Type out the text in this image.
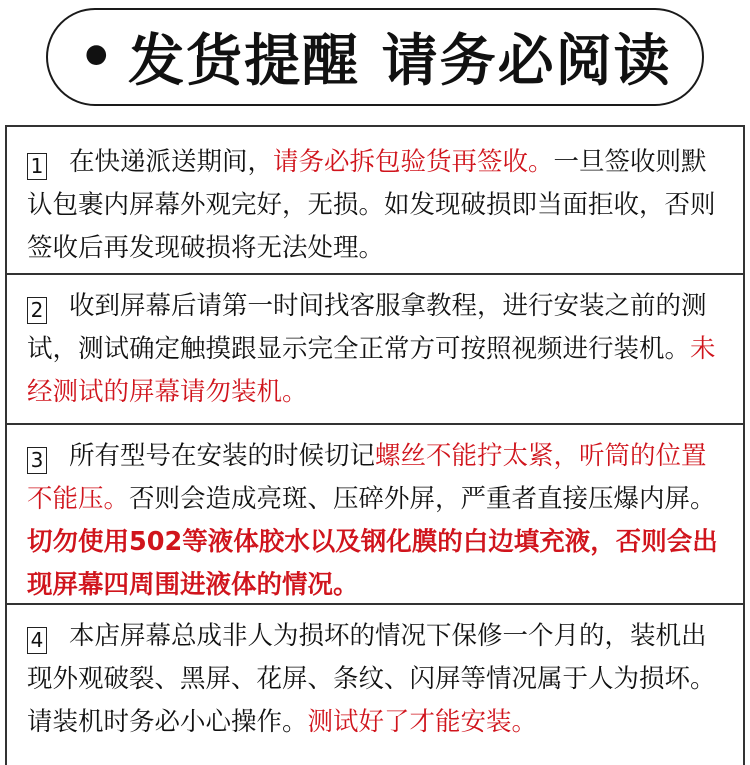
• 发货提醒 请务必阅读
1 在快递派送期间，请务必拆包验货再签收。一旦签收则默认包裹内屏幕外观完好，无损。如发现破损即当面拒收，否则签收后再发现破损将无法处理。
2 收到屏幕后请第一时间找客服拿教程，进行安装之前的测试，测试确定触摸跟显示完全正常方可按照视频进行装机。未经测试的屏幕请勿装机。
3 所有型号在安装的时候切记螺丝不能拧太紧，听筒的位置不能压。否则会造成亮斑、压碎外屏，严重者直接压爆内屏。切勿使用502等液体胶水以及钢化膜的白边填充液，否则会出现屏幕四周围进液体的情况。
4 本店屏幕总成非人为损坏的情况下保修一个月的，装机出现外观破裂、黑屏、花屏、条纹、闪屏等情况属于人为损坏。请装机时务必小心操作。测试好了才能安装。
